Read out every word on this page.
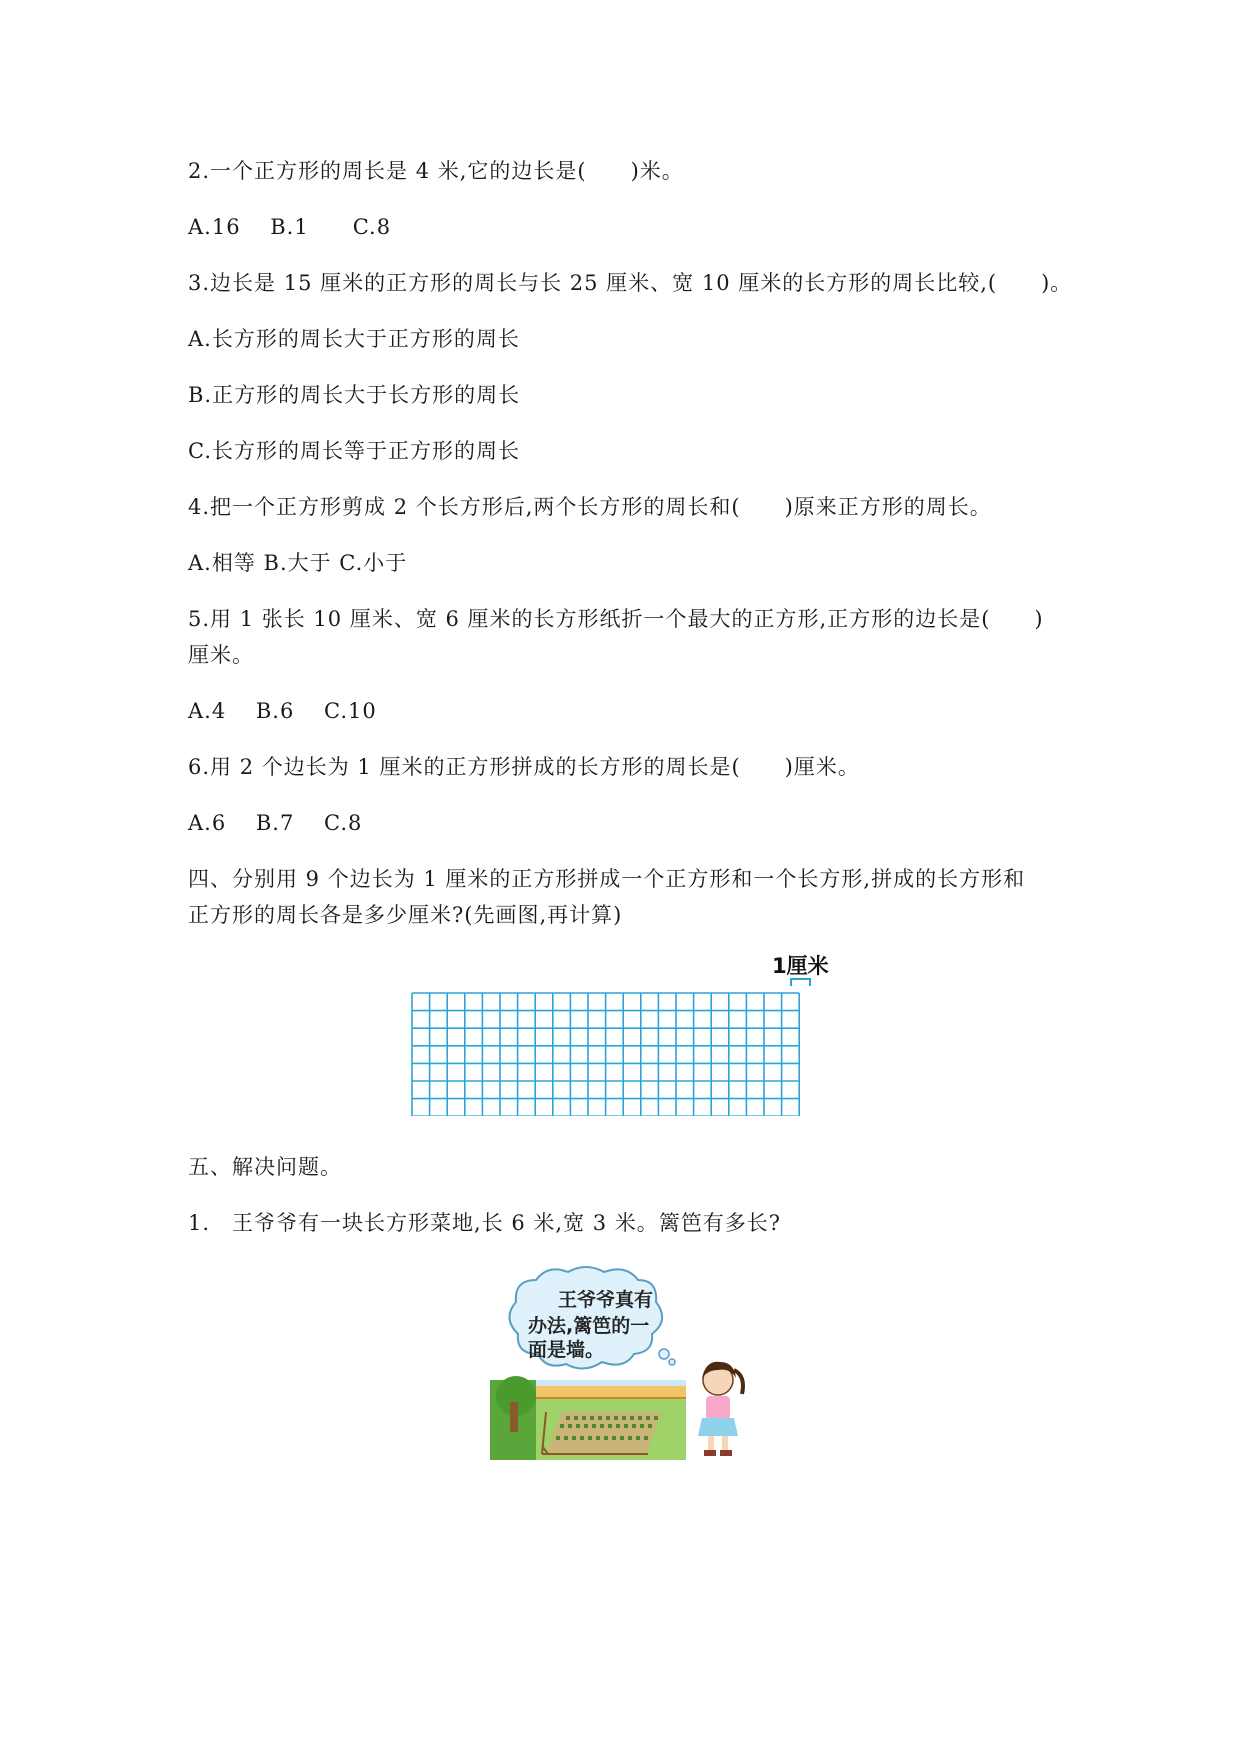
2.一个正方形的周长是 4 米,它的边长是(　　)米。
A.16　 B.1　　C.8
3.边长是 15 厘米的正方形的周长与长 25 厘米、宽 10 厘米的长方形的周长比较,(　　)。
A.长方形的周长大于正方形的周长
B.正方形的周长大于长方形的周长
C.长方形的周长等于正方形的周长
4.把一个正方形剪成 2 个长方形后,两个长方形的周长和(　　)原来正方形的周长。
A.相等 B.大于 C.小于
5.用 1 张长 10 厘米、宽 6 厘米的长方形纸折一个最大的正方形,正方形的边长是(　　)
厘米。
A.4　 B.6　 C.10
6.用 2 个边长为 1 厘米的正方形拼成的长方形的周长是(　　)厘米。
A.6　 B.7　 C.8
四、分别用 9 个边长为 1 厘米的正方形拼成一个正方形和一个长方形,拼成的长方形和
正方形的周长各是多少厘米?(先画图,再计算)
1厘米
五、解决问题。
1.　王爷爷有一块长方形菜地,长 6 米,宽 3 米。篱笆有多长?
王爷爷真有
办法,篱笆的一
面是墙。
